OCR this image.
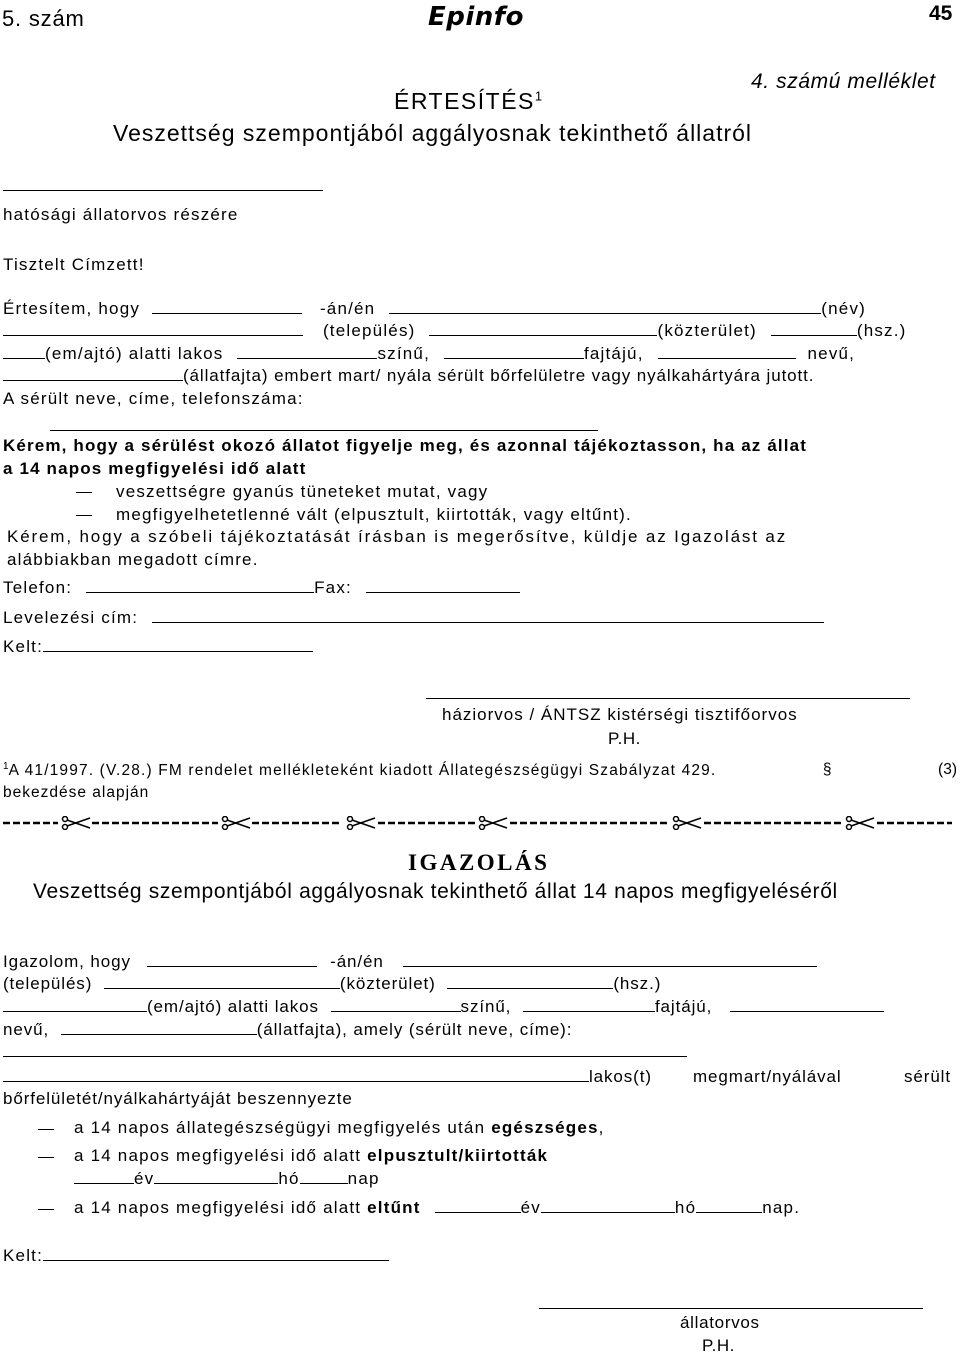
5. szám	Epinfo	45
4. számú melléklet
ÉRTESÍTÉS$^1$
Veszettség szempontjából aggályosnak tekinthető állatról
hatósági állatorvos részére
Tisztelt Címzett!
Értesítem, hogy	-án/én	(név)
(település)	(közterület)	(hsz.)
(em/ajtó) alatti lakos	színű,	fajtájú,	nevű,
(állatfajta) embert mart/ nyála sérült bőrfelületre vagy nyálkahártyára jutott.
A sérült neve, címe, telefonszáma:
Kérem, hogy a sérülést okozó állatot figyelje meg, és azonnal tájékoztasson, ha az állat
a 14 napos megfigyelési idő alatt
veszettségre gyanús tüneteket mutat, vagy
megfigyelhetetlenné vált (elpusztult, kiirtották, vagy eltűnt).
Kérem, hogy a szóbeli tájékoztatását írásban is megerősítve, küldje az Igazolást az
alábbiakban megadott címre.
Telefon:	Fax:
Levelezési cím:
Kelt:
háziorvos / ÁNTSZ kistérségi tisztifőorvos
P.H.
$^1$A 41/1997. (V.28.) FM rendelet mellékleteként kiadott Állategészségügyi Szabályzat 429.	§	(3)
bekezdése alapján
IGAZOLÁS
Veszettség szempontjából aggályosnak tekinthető állat 14 napos megfigyeléséről
Igazolom, hogy	-án/én
(település)	(közterület)	(hsz.)
(em/ajtó) alatti lakos	színű,	fajtájú,
nevű,	(állatfajta), amely (sérült neve, címe):
lakos(t) megmart/nyálával	sérült
bőrfelületét/nyálkahártyáját beszennyezte
a 14 napos állategészségügyi megfigyelés után egészséges,
a 14 napos megfigyelési idő alatt elpusztult/kiirtották
év	hó	nap
a 14 napos megfigyelési idő alatt eltűnt	év	hó	nap.
Kelt:
állatorvos
P.H.
